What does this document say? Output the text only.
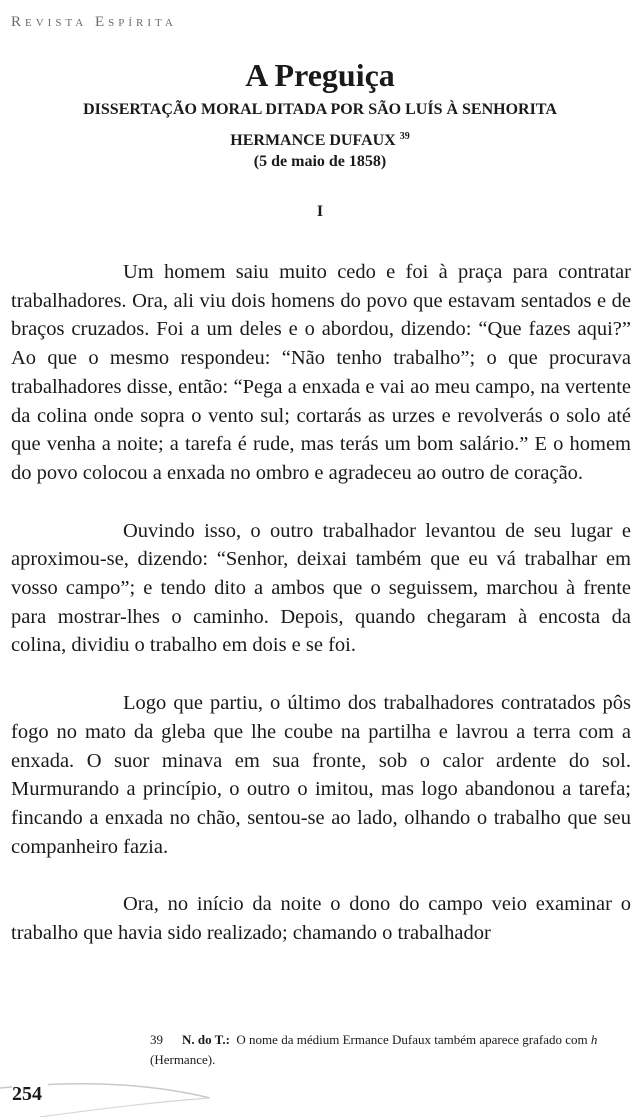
Revista Espírita
A Preguiça
DISSERTAÇÃO MORAL DITADA POR SÃO LUÍS À SENHORITA HERMANCE DUFAUX $^{39}$
(5 de maio de 1858)
I

Um homem saiu muito cedo e foi à praça para contratar trabalhadores. Ora, ali viu dois homens do povo que estavam sentados e de braços cruzados. Foi a um deles e o abordou, dizendo: “Que fazes aqui?” Ao que o mesmo respondeu: “Não tenho trabalho”; o que procurava trabalhadores disse, então: “Pega a enxada e vai ao meu campo, na vertente da colina onde sopra o vento sul; cortarás as urzes e revolverás o solo até que venha a noite; a tarefa é rude, mas terás um bom salário.” E o homem do povo colocou a enxada no ombro e agradeceu ao outro de coração.

Ouvindo isso, o outro trabalhador levantou de seu lugar e aproximou-se, dizendo: “Senhor, deixai também que eu vá trabalhar em vosso campo”; e tendo dito a ambos que o seguissem, marchou à frente para mostrar-lhes o caminho. Depois, quando chegaram à encosta da colina, dividiu o trabalho em dois e se foi.

Logo que partiu, o último dos trabalhadores contratados pôs fogo no mato da gleba que lhe coube na partilha e lavrou a terra com a enxada. O suor minava em sua fronte, sob o calor ardente do sol. Murmurando a princípio, o outro o imitou, mas logo abandonou a tarefa; fincando a enxada no chão, sentou-se ao lado, olhando o trabalho que seu companheiro fazia.

Ora, no início da noite o dono do campo veio examinar o trabalho que havia sido realizado; chamando o trabalhador

39 N. do T.: O nome da médium Ermance Dufaux também aparece grafado com h (Hermance).
254
